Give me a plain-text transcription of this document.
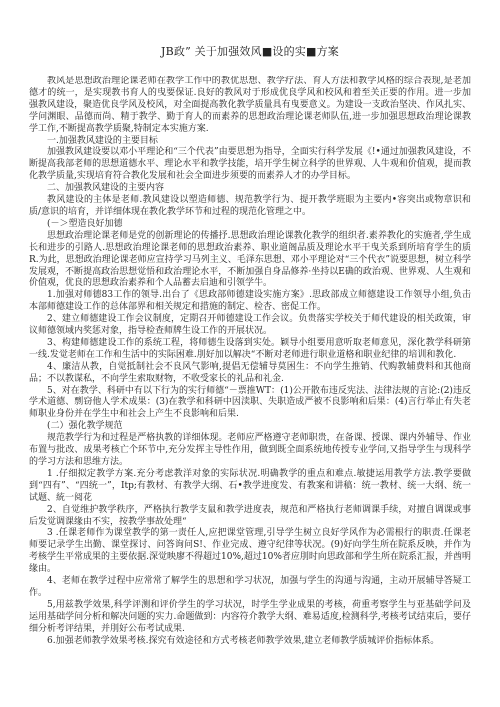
JB政” 关于加强效风■设的实■方案

教风是思想政治理论课老师在教学工作中的教优思想、教学疗法、育人方法和教学风格的综合表现,是老加德才的统一，是实现教书育人的曳要保证.良好的教风对于形成优良学风和校风和着至关正要的作用。进一步加强教风建设，聚造优良学风及校风，对全面提高教化教学质量具有曳要意义。为建设一支政治坚决、作风扎实、学问渊眼、品德而尚、精于教学、勤于育人的而素养的思想政治理论课老师队伍,进一步加强思想政治理论课教学工作,不断提高教学质聚,特制定本实施方案.

一.加强教风建设的主要目标

加强教风建设要以邓小平理论和“三个代表”由要思想为指导，全面实行科学发展《!•通过加强教风建设，不断提高我部老师的思想道德水平、理论水平和教学技能，培开学生树立科学的世界观、人牛观和价值观，提而教化教学质量,实现培育符合教化发展和社会全面进步须要的而素养人才的办学目标。

二、加强教风建设的主要内容

教风建设的主体是老师.教风建设以塑造师德、规范教学行为、提开教学班眼为主要内•容突出或物章识和质/意识的培育，并详细体现在教化教学环节和过程的现范化管理之中。

(－＞塑造良好加德

思想政治理论课老师是党的创新理论的传播抒.思想政治理论课教化教学的组织者.素养教化的实施者,学生成长和进步的引路人.思想政治理论课老师的思想政治素养、职业道阁品质及理论水平干曳关系到所培育学生的质R.为此，思想政治理论课老师应宣持学习马列主义、毛泽东思想、邓小平理论对“三个代衣”说要思想，树立科学发展观，不断提高政治思想觉悟和政治理论水平，不断加强自身品修养·坐持以E确的政治观、世界观、人生观和价值观，优良的思想政治素养和个人品蓄去启迪和引领学牛。

1.加强对师德83工作的领导.出台了《思政部师德建设实施方案》.思政部成立师德建设工作领导小组,负击本部师德建设工作的总体部界和相关规定和措施的制定、检杏、密促工作。

2、建立师德建设工作会议制度，定期召开师德建设工作会议。负贵落实学校关于师代建设的相关政策，审议师德领域内奖惩对象，指导检查师牌生设工作的开展状况。

3、构建师德建设工作的系统工程，将师德生设落到实处。颖导小组要用意听取老师意见，深化教学科研第一线.发觉老师在工作和生活中的实际困难.刖好加以解决“不断对老师进行职业道格和职业纪律的培训和教化.

4、廉洁从教，自觉抵制社会不良风气影响,提倡无偿辅导莫困生：不向学生推销、代购教辅费料和其他商品；不以教谋私，不向学生索取财物，不收受家长的礼品和礼金.

5、对在教学、科研中有以下行为的实行师德“－票推WT：(1)公开散布违反宪法、法律法规的言论:(2)违反学术道德、剽窃他人学术成果：(3)在教学和科研中因渎职、失职造成严被不良影响和后果：(4)言行举止有失老师职业身份并在学生中和社会上产生不良影响和后果.

(二）强化教学规范

规范教学行为和过程是严格执教的详细体现。老师应严格遵守老师职贵，在备课、授课、课内外辅导、作业布置与批改、成果考核亡个环节中,充分发挥主导性作用，做到既全面系统地传授专业学问,又指导学生与现科学的学习方法和思维方法。

1 .仔细拟定教学方案.充分考虑教洋对象的实际状况.明确教学的重点和难点.敏捷运用教学方法.教学要做到“四有”、“四统一”，Itp;有教材、有教学大纲、石•教学进度发、有教案和讲稿：统一教材、统一大纲、统一试题、統一阅花

2、自觉维护教学秩序，严格执行教学支鼠和教学进度表，规范和严格执行老师调课手续，对擅自调课或事后发觉调课缘由不实，按教学事故处理“

3 .任课老师作为课堂教学的第一责任人,应把课堂管理,引导学生树立良好学风作为必需根行的职责.任课老师要记录学生出勤、课堂探讨、问答询问S!、作业完成、遵守纪律等状况。(9)好向学生所在院系反映，并作为考核学生平常成果的主要依据.深觉映廖不得超过10%,超过10%者应刖时向思政部和学生所在院系汇报，并酋明缘由。

4、老师在教学过程中应常常了解学生的思想和学习状况，加强与学生的沟通与沟通，主动开展辅导答疑工作。

5,用兹教学效果,科学评测和评价学生的学习状况，时学生学业成果的考核，荷重考察学生与亚基础学问及运用基础学问分析和解决问题的实力.命题做到：内容符介教学大纲、难易适度,检测科学,考核考试结束后，要仔细分析考评结果，并刖好公布考试成果.

6.加强老师教学效果考核.探究有效途径和方式考核老师教学效果,建立老师教学质城评价指标体系。
